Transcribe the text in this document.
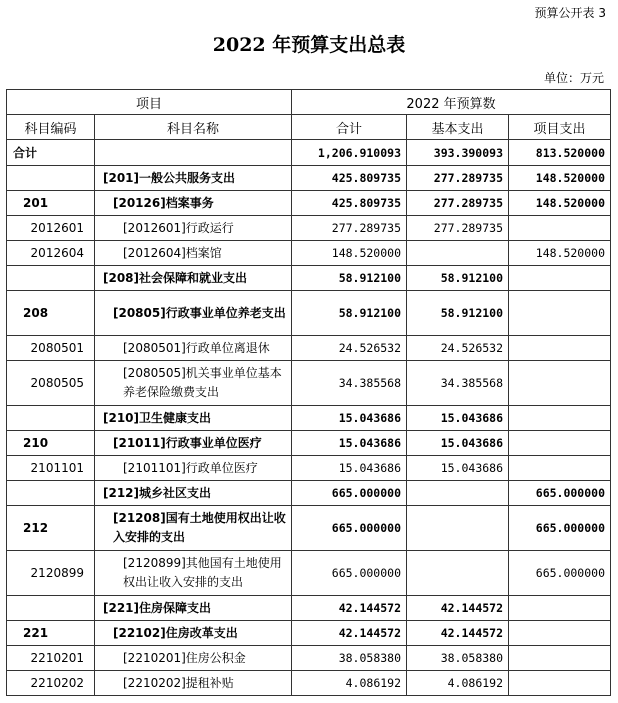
预算公开表 3
2022 年预算支出总表
单位：万元
项目		2022 年预算数		
科目编码	科目名称	合计	基本支出	项目支出
合计		1,206.910093	393.390093	813.520000
	[201]一般公共服务支出	425.809735	277.289735	148.520000
201	[20126]档案事务	425.809735	277.289735	148.520000
2012601	[2012601]行政运行	277.289735	277.289735	
2012604	[2012604]档案馆	148.520000		148.520000
	[208]社会保障和就业支出	58.912100	58.912100	
208	[20805]行政事业单位养老支出	58.912100	58.912100	
2080501	[2080501]行政单位离退休	24.526532	24.526532	
2080505	[2080505]机关事业单位基本养老保险缴费支出	34.385568	34.385568	
	[210]卫生健康支出	15.043686	15.043686	
210	[21011]行政事业单位医疗	15.043686	15.043686	
2101101	[2101101]行政单位医疗	15.043686	15.043686	
	[212]城乡社区支出	665.000000		665.000000
212	[21208]国有土地使用权出让收入安排的支出	665.000000		665.000000
2120899	[2120899]其他国有土地使用权出让收入安排的支出	665.000000		665.000000
	[221]住房保障支出	42.144572	42.144572	
221	[22102]住房改革支出	42.144572	42.144572	
2210201	[2210201]住房公积金	38.058380	38.058380	
2210202	[2210202]提租补贴	4.086192	4.086192	
